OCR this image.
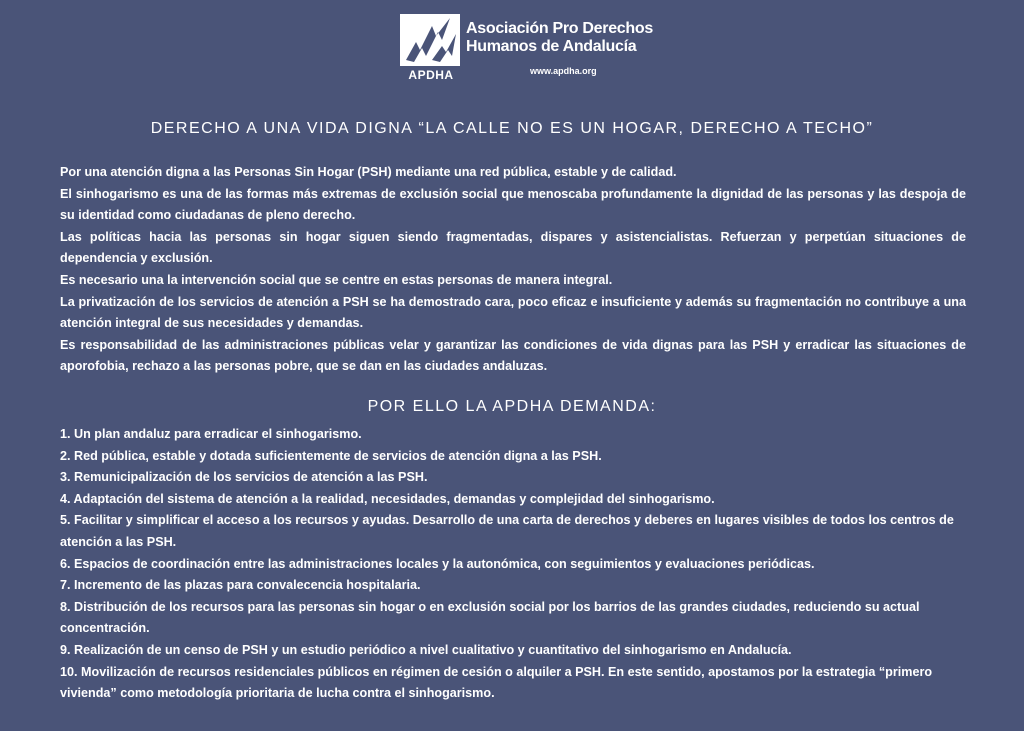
APDHA
Asociación Pro Derechos
Humanos de Andalucía
www.apdha.org
DERECHO A UNA VIDA DIGNA “LA CALLE NO ES UN HOGAR, DERECHO A TECHO”

Por una atención digna a las Personas Sin Hogar (PSH) mediante una red pública, estable y de calidad.

El sinhogarismo es una de las formas más extremas de exclusión social que menoscaba profundamente la dignidad de las personas y las despoja de su identidad como ciudadanas de pleno derecho.

Las políticas hacia las personas sin hogar siguen siendo fragmentadas, dispares y asistencialistas. Refuerzan y perpetúan situaciones de dependencia y exclusión.

Es necesario una la intervención social que se centre en estas personas de manera integral.

La privatización de los servicios de atención a PSH se ha demostrado cara, poco eficaz e insuficiente y además su fragmentación no contribuye a una atención integral de sus necesidades y demandas.

Es responsabilidad de las administraciones públicas velar y garantizar las condiciones de vida dignas para las PSH y erradicar las situaciones de aporofobia, rechazo a las personas pobre, que se dan en las ciudades andaluzas.

POR ELLO LA APDHA DEMANDA:
1. Un plan andaluz para erradicar el sinhogarismo.
2. Red pública, estable y dotada suficientemente de servicios de atención digna a las PSH.
3. Remunicipalización de los servicios de atención a las PSH.
4. Adaptación del sistema de atención a la realidad, necesidades, demandas y complejidad del sinhogarismo.
5. Facilitar y simplificar el acceso a los recursos y ayudas. Desarrollo de una carta de derechos y deberes en lugares visibles de todos los centros de atención a las PSH.
6. Espacios de coordinación entre las administraciones locales y la autonómica, con seguimientos y evaluaciones periódicas.
7. Incremento de las plazas para convalecencia hospitalaria.
8. Distribución de los recursos para las personas sin hogar o en exclusión social por los barrios de las grandes ciudades, reduciendo su actual concentración.
9. Realización de un censo de PSH y un estudio periódico a nivel cualitativo y cuantitativo del sinhogarismo en Andalucía.
10. Movilización de recursos residenciales públicos en régimen de cesión o alquiler a PSH. En este sentido, apostamos por la estrategia “primero vivienda” como metodología prioritaria de lucha contra el sinhogarismo.
